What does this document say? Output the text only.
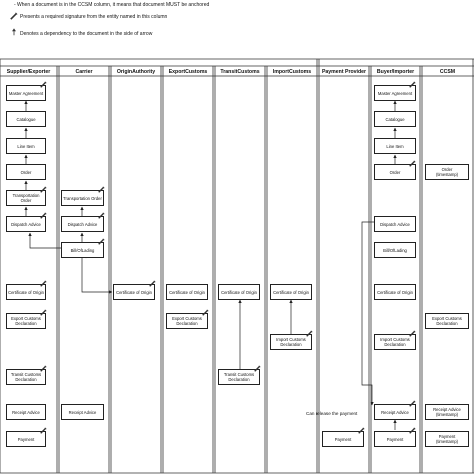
- When a document is in the CCSM column, it means that document MUST be anchored
Presents a required signature from the entity named in this column
Denotes a dependency to the document in the side of arrow
Supplier/Exporter	Carrier	OriginAuthority	ExportCustoms	TransitCustoms	ImportCustoms	Payment Provider	Buyer/Importer	CCSM
Master Agreement
Catalogue
Line Item
Order
Transportation Order
Dispatch Advice
Certificate of Origin
Export Customs Declaration
Transit Customs Declaration
Receipt Advice
Payment
Transportation Order
Dispatch Advice
Bill/OfLading
Receipt Advice
Certificate of Origin	Certificate of Origin
Export Customs Declaration
Certificate of Origin
Transit Customs Declaration
Certificate of Origin
Import Customs Declaration
Payment
Can release the payment
Master Agreement
Catalogue
Line Item
Order
Dispatch Advice
Bill/OfLading
Certificate of Origin
Import Customs Declaration
Receipt Advice
Payment
Order
(timestamp)
Export Customs Declaration
Receipt Advice
(timestamp)
Payment
(timestamp)
